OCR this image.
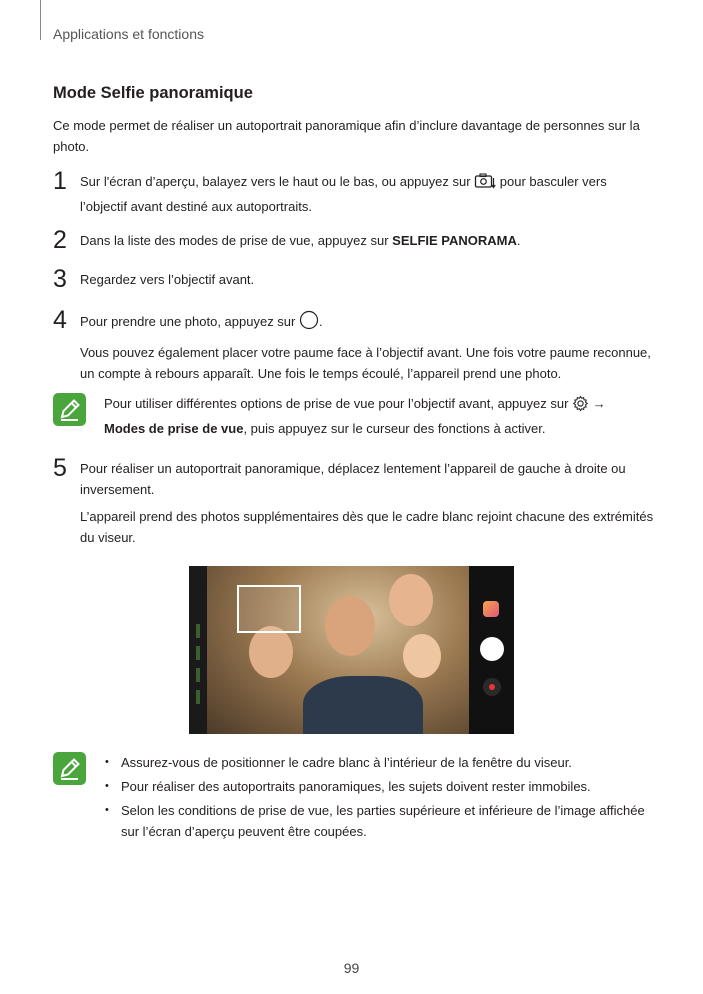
Applications et fonctions
Mode Selfie panoramique
Ce mode permet de réaliser un autoportrait panoramique afin d’inclure davantage de personnes sur la photo.
1	Sur l'écran d’aperçu, balayez vers le haut ou le bas, ou appuyez sur  pour basculer vers l’objectif avant destiné aux autoportraits.
2	Dans la liste des modes de prise de vue, appuyez sur SELFIE PANORAMA.
3	Regardez vers l’objectif avant.
4	Pour prendre une photo, appuyez sur .
Vous pouvez également placer votre paume face à l’objectif avant. Une fois votre paume reconnue, un compte à rebours apparaît. Une fois le temps écoulé, l’appareil prend une photo.
Pour utiliser différentes options de prise de vue pour l’objectif avant, appuyez sur  →
Modes de prise de vue, puis appuyez sur le curseur des fonctions à activer.
5	Pour réaliser un autoportrait panoramique, déplacez lentement l’appareil de gauche à droite ou inversement.
L’appareil prend des photos supplémentaires dès que le cadre blanc rejoint chacune des extrémités du viseur.
• Assurez-vous de positionner le cadre blanc à l’intérieur de la fenêtre du viseur.
• Pour réaliser des autoportraits panoramiques, les sujets doivent rester immobiles.
• Selon les conditions de prise de vue, les parties supérieure et inférieure de l’image affichée sur l’écran d’aperçu peuvent être coupées.
99
